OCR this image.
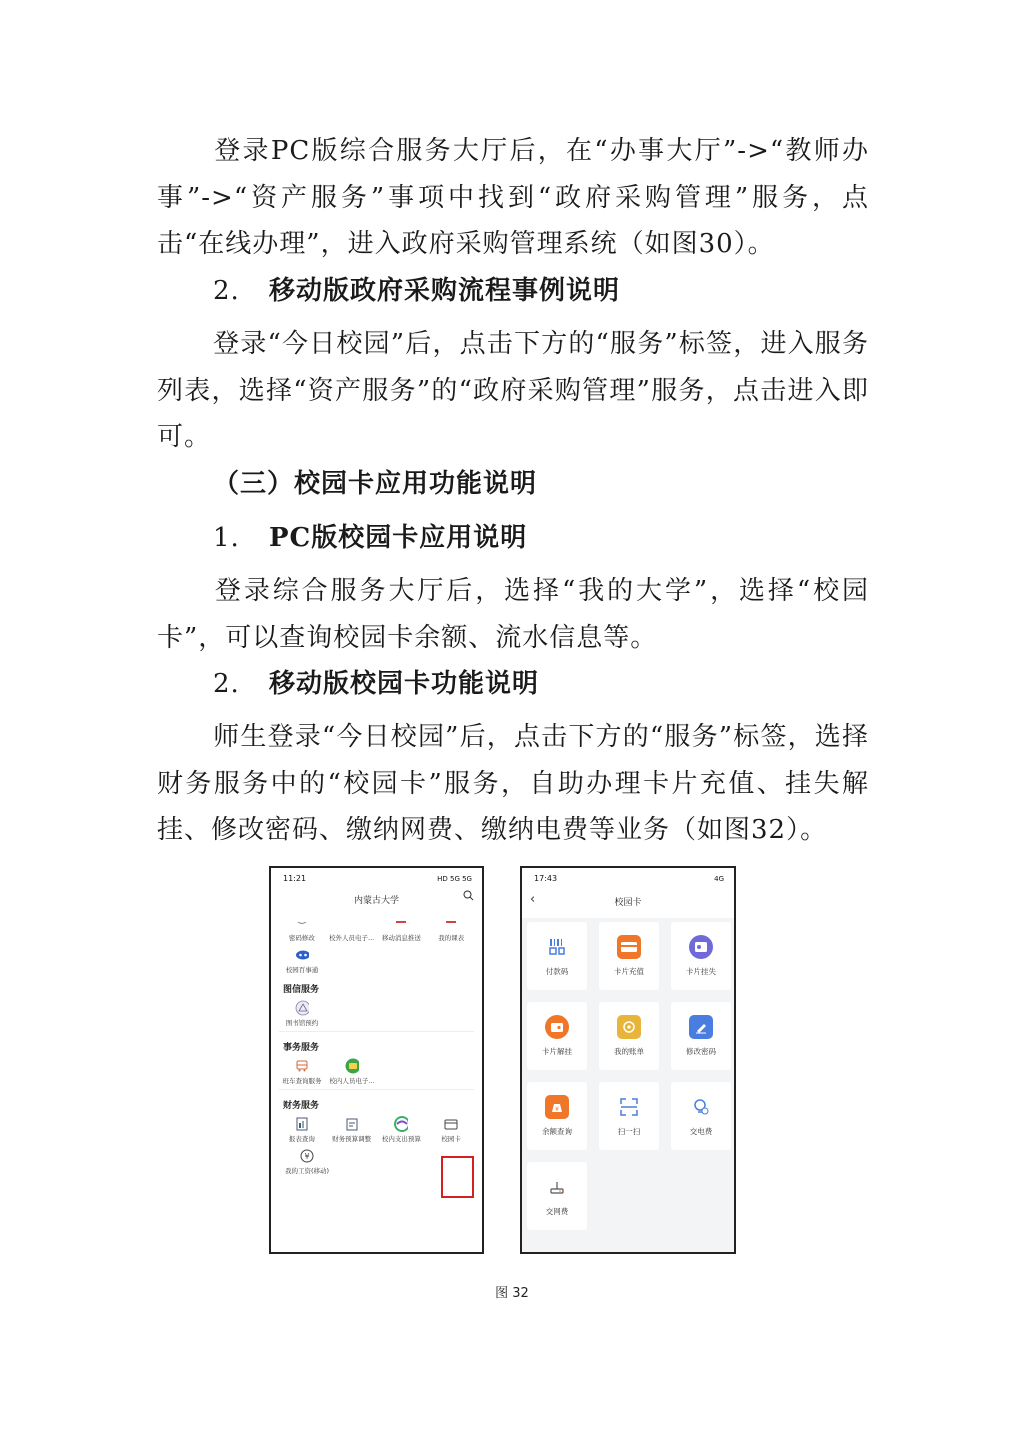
登录PC版综合服务大厅后，在“办事大厅”->“教师办事”->“资产服务”事项中找到“政府采购管理”服务，点击“在线办理”，进入政府采购管理系统（如图30）。

2. 移动版政府采购流程事例说明

登录“今日校园”后，点击下方的“服务”标签，进入服务列表，选择“资产服务”的“政府采购管理”服务，点击进入即可。

（三）校园卡应用功能说明
1. PC版校园卡应用说明

登录综合服务大厅后，选择“我的大学”，选择“校园卡”，可以查询校园卡余额、流水信息等。

2. 移动版校园卡功能说明

师生登录“今日校园”后，点击下方的“服务”标签，选择财务服务中的“校园卡”服务，自助办理卡片充值、挂失解挂、修改密码、缴纳网费、缴纳电费等业务（如图32）。

11:21	HD 5G 5G
内蒙古大学
密码修改 校外人员电子... 移动消息推送	我的课表
校园百事通
图信服务
图书馆预约
事务服务
班车查询服务 校内人员电子...
财务服务
报表查询	财务预算调整 校内支出预算	校园卡
¥
我的工资(移动)
17:43	4G
‹	校园卡
付款码	卡片充值	卡片挂失
卡片解挂	我的账单	修改密码
¥
余额查询	扫一扫	交电费
交网费
图 32
